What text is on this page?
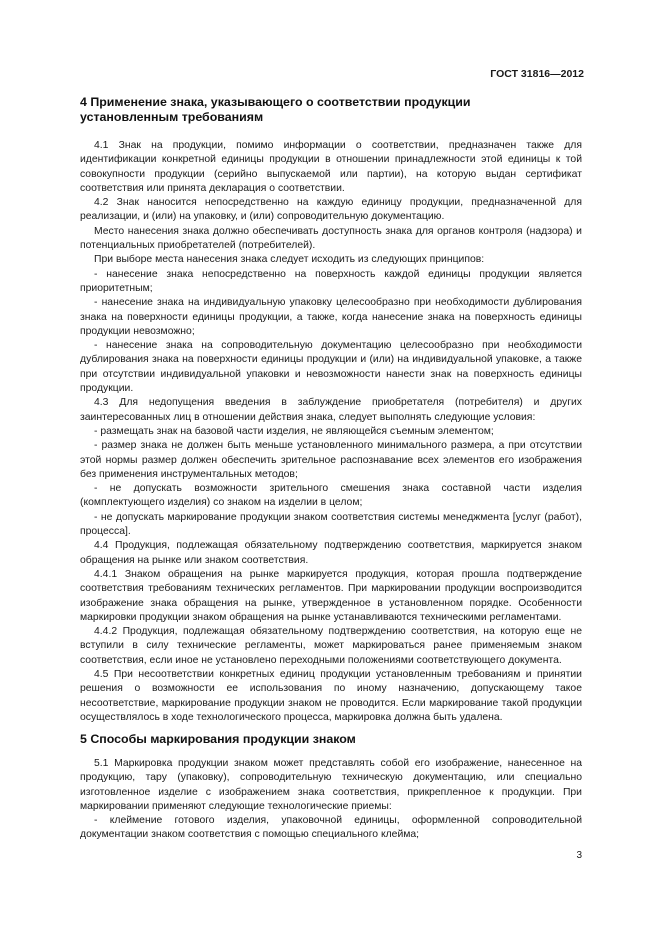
ГОСТ 31816—2012
4 Применение знака, указывающего о соответствии продукции установленным требованиям

4.1 Знак на продукции, помимо информации о соответствии, предназначен также для идентификации конкретной единицы продукции в отношении принадлежности этой единицы к той совокупности продукции (серийно выпускаемой или партии), на которую выдан сертификат соответствия или принята декларация о соответствии.

4.2 Знак наносится непосредственно на каждую единицу продукции, предназначенной для реализации, и (или) на упаковку, и (или) сопроводительную документацию.

Место нанесения знака должно обеспечивать доступность знака для органов контроля (надзора) и потенциальных приобретателей (потребителей).

При выборе места нанесения знака следует исходить из следующих принципов:

- нанесение знака непосредственно на поверхность каждой единицы продукции является приоритетным;

- нанесение знака на индивидуальную упаковку целесообразно при необходимости дублирования знака на поверхности единицы продукции, а также, когда нанесение знака на поверхность единицы продукции невозможно;

- нанесение знака на сопроводительную документацию целесообразно при необходимости дублирования знака на поверхности единицы продукции и (или) на индивидуальной упаковке, а также при отсутствии индивидуальной упаковки и невозможности нанести знак на поверхность единицы продукции.

4.3 Для недопущения введения в заблуждение приобретателя (потребителя) и других заинтересованных лиц в отношении действия знака, следует выполнять следующие условия:

- размещать знак на базовой части изделия, не являющейся съемным элементом;

- размер знака не должен быть меньше установленного минимального размера, а при отсутствии этой нормы размер должен обеспечить зрительное распознавание всех элементов его изображения без применения инструментальных методов;

- не допускать возможности зрительного смешения знака составной части изделия (комплектующего изделия) со знаком на изделии в целом;

- не допускать маркирование продукции знаком соответствия системы менеджмента [услуг (работ), процесса].

4.4 Продукция, подлежащая обязательному подтверждению соответствия, маркируется знаком обращения на рынке или знаком соответствия.

4.4.1 Знаком обращения на рынке маркируется продукция, которая прошла подтверждение соответствия требованиям технических регламентов. При маркировании продукции воспроизводится изображение знака обращения на рынке, утвержденное в установленном порядке. Особенности маркировки продукции знаком обращения на рынке устанавливаются техническими регламентами.

4.4.2 Продукция, подлежащая обязательному подтверждению соответствия, на которую еще не вступили в силу технические регламенты, может маркироваться ранее применяемым знаком соответствия, если иное не установлено переходными положениями соответствующего документа.

4.5 При несоответствии конкретных единиц продукции установленным требованиям и принятии решения о возможности ее использования по иному назначению, допускающему такое несоответствие, маркирование продукции знаком не проводится. Если маркирование такой продукции осуществлялось в ходе технологического процесса, маркировка должна быть удалена.

5 Способы маркирования продукции знаком

5.1 Маркировка продукции знаком может представлять собой его изображение, нанесенное на продукцию, тару (упаковку), сопроводительную техническую документацию, или специально изготовленное изделие с изображением знака соответствия, прикрепленное к продукции. При маркировании применяют следующие технологические приемы:

- клеймение готового изделия, упаковочной единицы, оформленной сопроводительной документации знаком соответствия с помощью специального клейма;

3
